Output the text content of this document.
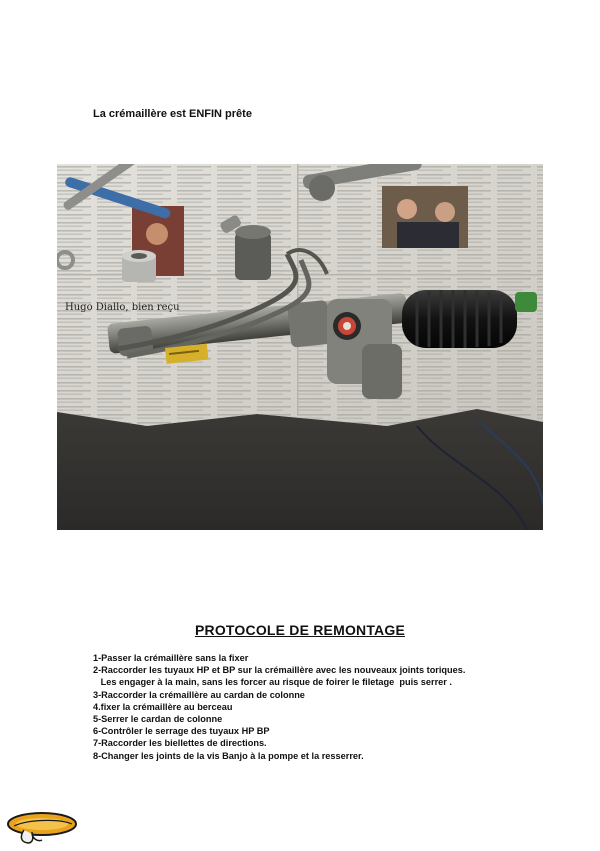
La crémaillère est ENFIN prête
Hugo Diallo, bien reçu
PROTOCOLE DE REMONTAGE
1-Passer la crémaillère sans la fixer
2-Raccorder les tuyaux HP et BP sur la crémaillère avec les nouveaux joints toriques.
Les engager à la main, sans les forcer au risque de foirer le filetage  puis serrer .
3-Raccorder la crémaillère au cardan de colonne
4.fixer la crémaillère au berceau
5-Serrer le cardan de colonne
6-Contrôler le serrage des tuyaux HP BP
7-Raccorder les biellettes de directions.
8-Changer les joints de la vis Banjo à la pompe et la resserrer.
